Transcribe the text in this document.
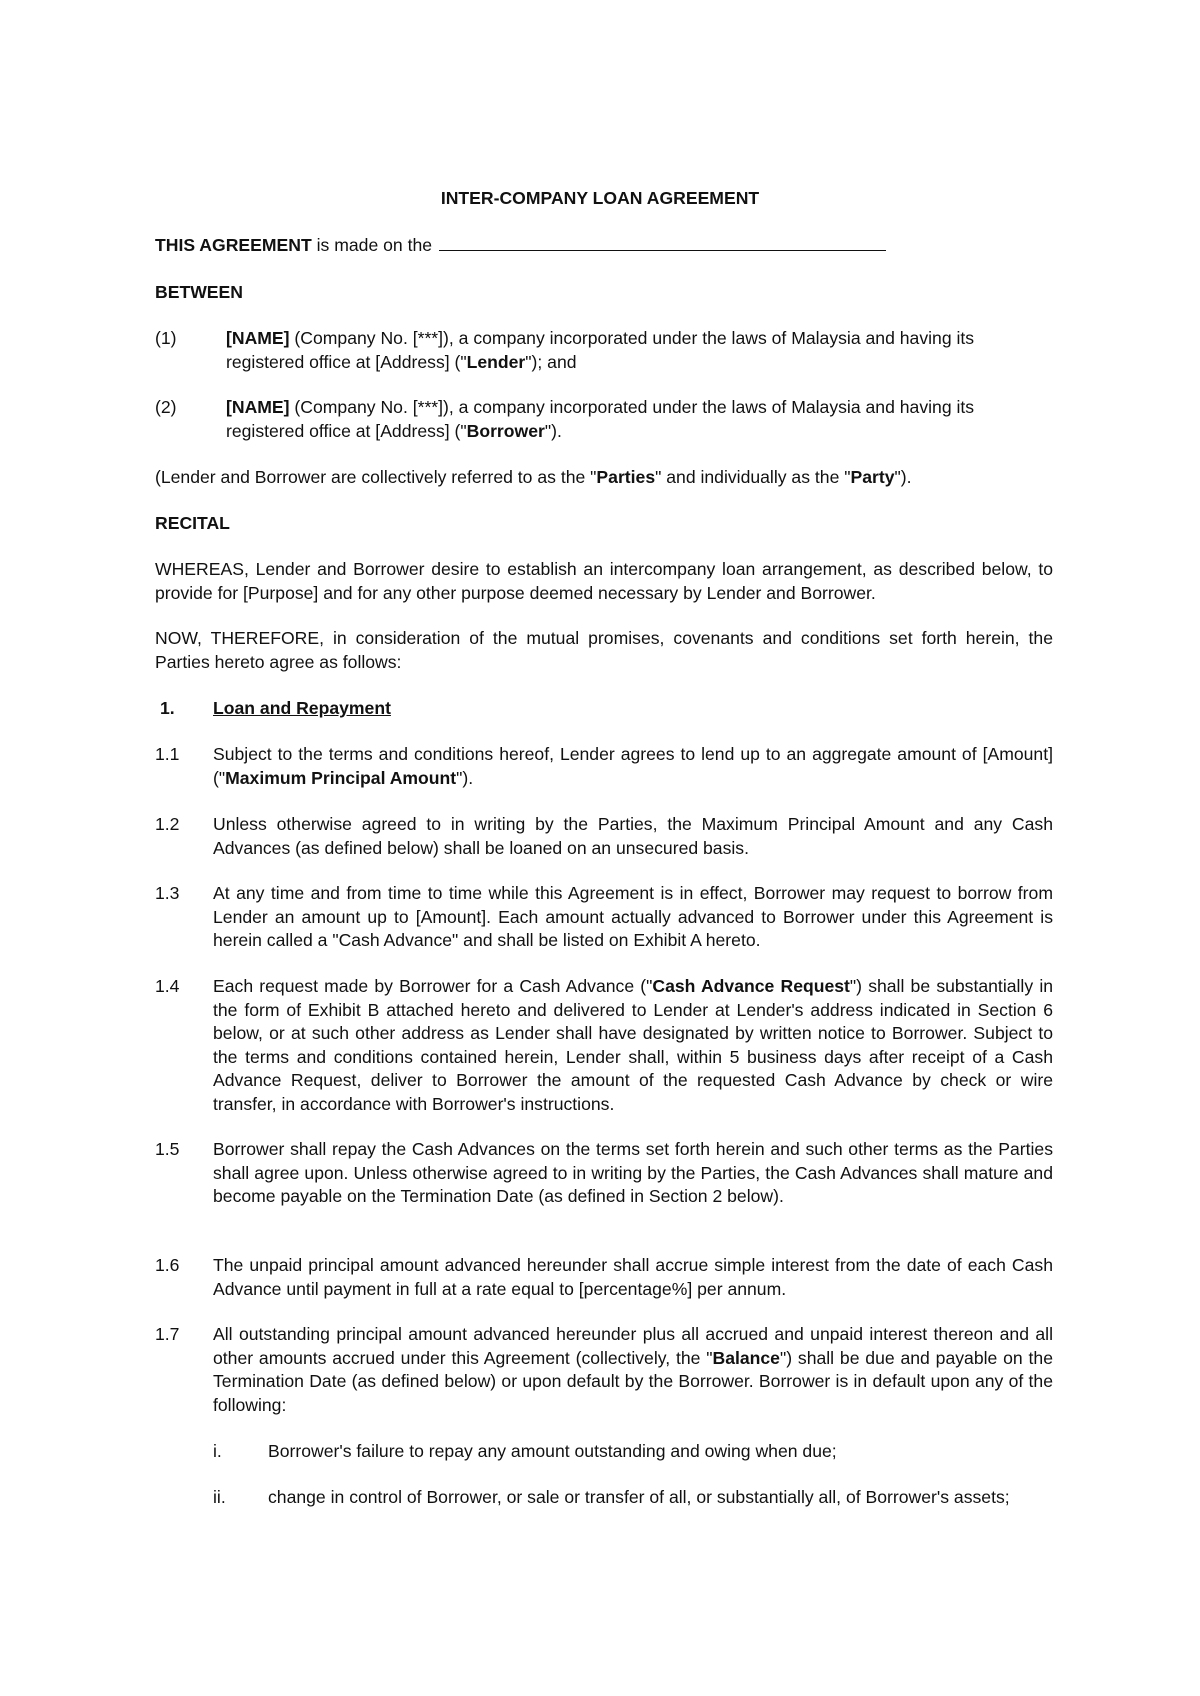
INTER-COMPANY LOAN AGREEMENT
THIS AGREEMENT is made on the
BETWEEN
(1)	[NAME] (Company No. [***]), a company incorporated under the laws of Malaysia and having its registered office at [Address] ("Lender"); and
(2)	[NAME] (Company No. [***]), a company incorporated under the laws of Malaysia and having its registered office at [Address] ("Borrower").
(Lender and Borrower are collectively referred to as the "Parties" and individually as the "Party").
RECITAL
WHEREAS, Lender and Borrower desire to establish an intercompany loan arrangement, as described below, to provide for [Purpose] and for any other purpose deemed necessary by Lender and Borrower.
NOW, THEREFORE, in consideration of the mutual promises, covenants and conditions set forth herein, the Parties hereto agree as follows:
1. Loan and Repayment
1.1 Subject to the terms and conditions hereof, Lender agrees to lend up to an aggregate amount of [Amount] ("Maximum Principal Amount").
1.2 Unless otherwise agreed to in writing by the Parties, the Maximum Principal Amount and any Cash Advances (as defined below) shall be loaned on an unsecured basis.
1.3 At any time and from time to time while this Agreement is in effect, Borrower may request to borrow from Lender an amount up to [Amount]. Each amount actually advanced to Borrower under this Agreement is herein called a "Cash Advance" and shall be listed on Exhibit A hereto.
1.4 Each request made by Borrower for a Cash Advance ("Cash Advance Request") shall be substantially in the form of Exhibit B attached hereto and delivered to Lender at Lender's address indicated in Section 6 below, or at such other address as Lender shall have designated by written notice to Borrower. Subject to the terms and conditions contained herein, Lender shall, within 5 business days after receipt of a Cash Advance Request, deliver to Borrower the amount of the requested Cash Advance by check or wire transfer, in accordance with Borrower's instructions.
1.5 Borrower shall repay the Cash Advances on the terms set forth herein and such other terms as the Parties shall agree upon. Unless otherwise agreed to in writing by the Parties, the Cash Advances shall mature and become payable on the Termination Date (as defined in Section 2 below).
1.6 The unpaid principal amount advanced hereunder shall accrue simple interest from the date of each Cash Advance until payment in full at a rate equal to [percentage%] per annum.
1.7 All outstanding principal amount advanced hereunder plus all accrued and unpaid interest thereon and all other amounts accrued under this Agreement (collectively, the "Balance") shall be due and payable on the Termination Date (as defined below) or upon default by the Borrower. Borrower is in default upon any of the following:
i.	Borrower's failure to repay any amount outstanding and owing when due;
ii. change in control of Borrower, or sale or transfer of all, or substantially all, of Borrower's assets;
